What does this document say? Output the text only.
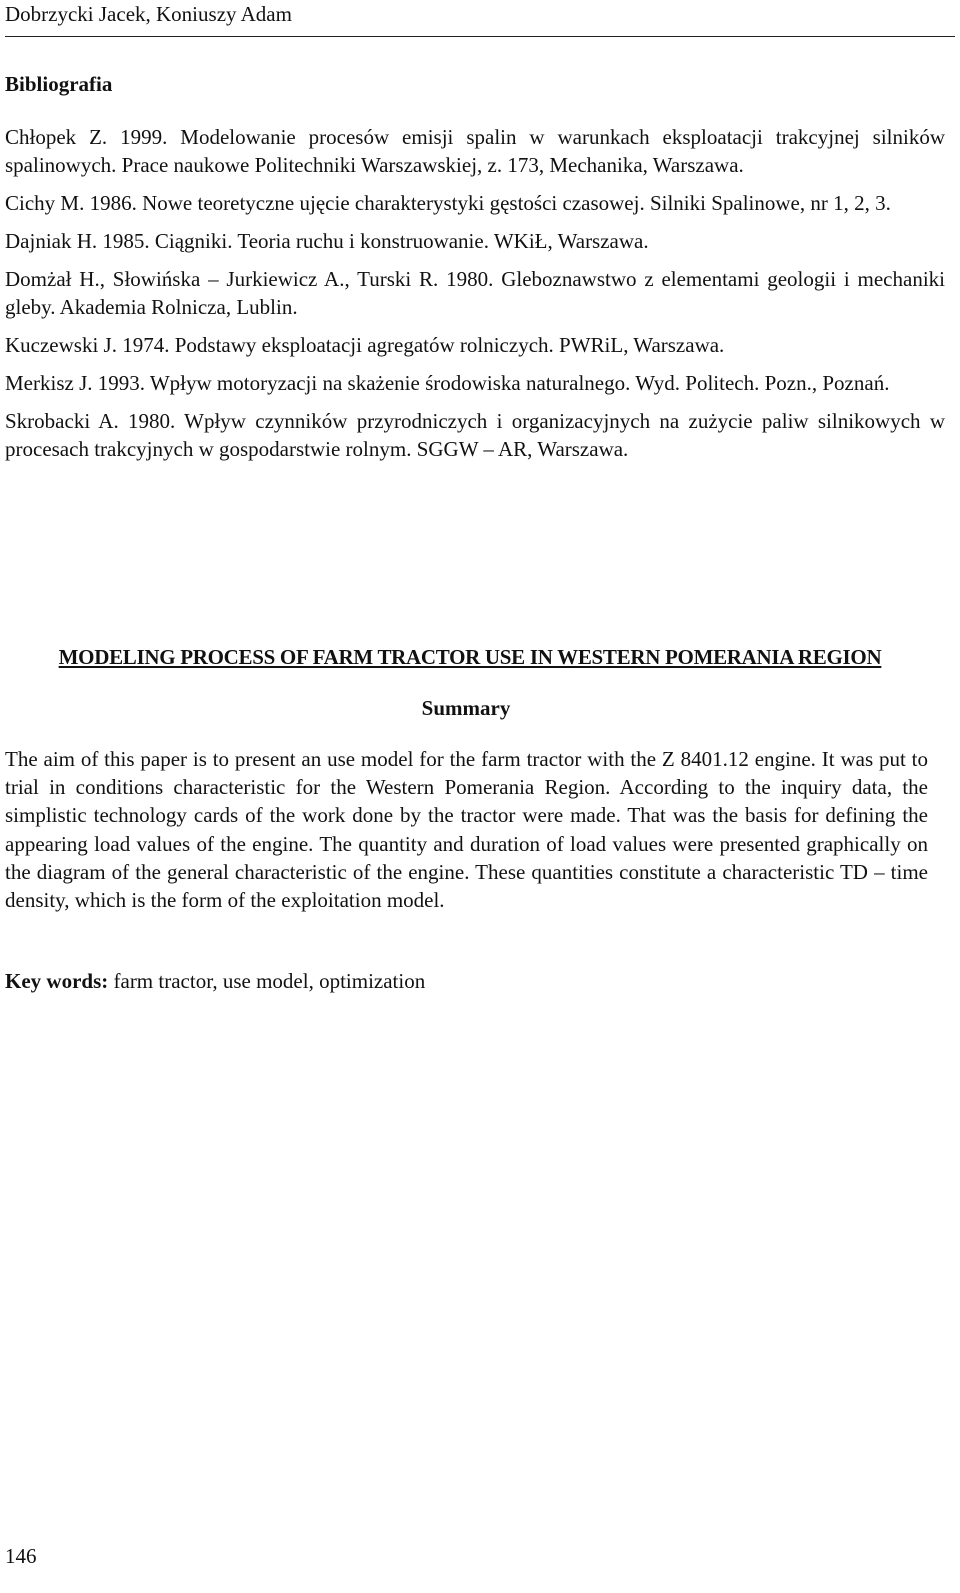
Dobrzycki Jacek, Koniuszy Adam
Bibliografia
Chłopek Z. 1999. Modelowanie procesów emisji spalin w warunkach eksploatacji trakcyjnej silników spalinowych. Prace naukowe Politechniki Warszawskiej, z. 173, Mechanika, Warszawa.
Cichy M. 1986. Nowe teoretyczne ujęcie charakterystyki gęstości czasowej. Silniki Spalinowe, nr 1, 2, 3.
Dajniak H. 1985. Ciągniki. Teoria ruchu i konstruowanie. WKiŁ, Warszawa.
Domżał H., Słowińska – Jurkiewicz A., Turski R. 1980. Gleboznawstwo z elementami geologii i mechaniki gleby. Akademia Rolnicza, Lublin.
Kuczewski J. 1974. Podstawy eksploatacji agregatów rolniczych. PWRiL, Warszawa.
Merkisz J. 1993. Wpływ motoryzacji na skażenie środowiska naturalnego. Wyd. Politech. Pozn., Poznań.
Skrobacki A. 1980. Wpływ czynników przyrodniczych i organizacyjnych na zużycie paliw silnikowych w procesach trakcyjnych w gospodarstwie rolnym. SGGW – AR, Warszawa.
MODELING PROCESS OF FARM TRACTOR USE IN WESTERN POMERANIA REGION
Summary

The aim of this paper is to present an use model for the farm tractor with the Z 8401.12 engine. It was put to trial in conditions characteristic for the Western Pomerania Region. According to the inquiry data, the simplistic technology cards of the work done by the tractor were made. That was the basis for defining the appearing load values of the engine. The quantity and duration of load values were presented graphically on the diagram of the general characteristic of the engine. These quantities constitute a characteristic TD – time density, which is the form of the exploitation model.

Key words: farm tractor, use model, optimization
146
